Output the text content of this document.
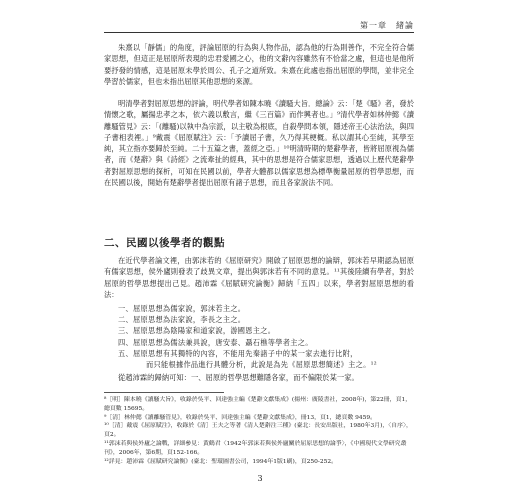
第一章　緒論

朱熹以「靜儒」的角度，評論屈原的行為與人物作品，認為他的行為則善作，不完全符合儒家思想，但這正是屈原所表現的忠君愛國之心，他的文辭內容雖然有不恰當之處，但這也是他所要抒發的情感，這是屈原未學於周公、孔子之道所致。朱熹在此處也指出屈原的學問，並非完全學習於儒家，但也未指出屈原其他思想的來源。

明清學者對屈原思想的評論，明代學者如陳本曉《讀騷大旨．總論》云：「楚《騷》者，發於情懷之歌，屬揚忠孝之本，依六義以敷言，繼《三百篇》而作興者也。」⁹清代學者如林仲懿《讀離騷管見》云：「(離騷)以執中為宗派，以主敬為根底，自殺學問本領，隱述帝王心法治法，與四子書相表裡。」⁹戴震《屈原賦注》云：「予讀屈子書，久乃得其梗概。私以謂其心至純，其學至純，其立指亦要歸於至純。二十五篇之書，蓋經之亞。」¹⁰明清時期的楚辭學者，皆將屈原視為儒者，而《楚辭》與《詩經》之流牽扯的經典，其中的思想是符合儒家思想，透過以上歷代楚辭學者對屈原思想的探析，可知在民國以前，學者大體都以儒家思想為標準衡量屈原的哲學思想，而在民國以後，開始有楚辭學者提出屈原有諸子思想，而且各家說法不同。

二、民國以後學者的觀點

在近代學者論文裡，由郭沫若的《屈原研究》開啟了屈原思想的論辯，郭沫若早期認為屈原有儒家思想，侯外廬則發表了歧異文章，提出與郭沫若有不同的意見。¹¹其後陸續有學者，對於屈原的哲學思想提出己見。趙沛霖《屈賦研究論衡》歸納「五四」以來，學者對屈原思想的看法：

一、屈原思想為儒家說，郭沫若主之。
二、屈原思想為法家說，李長之主之。
三、屈原思想為陰陽家和道家說，游國恩主之。
四、屈原思想為儒法兼具說，唐安泰、聶石樵等學者主之。
五、屈原思想有其獨特的內容，不能用先秦諸子中的某一家去進行比附，
而只能根據作品進行具體分析，此說是為先《屈原思想簡述》主之。¹²

從趙沛霖的歸納可知：一、屈原的哲學思想難隱各家，而不偏限於某一家。

⁸［明］陳本曉《讀騷大旨》，收錄於吳平、回達強主編《楚辭文獻集成》(揚州：廣陵書社，2008年)，第22冊，頁1，總頁數 15695。

⁹［清］林仲懿《讀離騷管見》，收錄於吳平、回達強主編《楚辭文獻集成》，冊13，頁1，總頁數 9459。

¹⁰［清］戴震《屈原賦注》，收錄於《清］王夫之等著《清人楚辭注三種》(臺北：長安出版社，1980年3月)，〈自序〉，頁2。

¹¹郭沫若與侯外廬之論戰，詳細參見：黃鶴君〈1942年郭沫若與侯外廬關於屈原思想的論爭〉，《中國現代文學研究叢刊》，2006年，第6期，頁152-166。

¹²詳見：趙沛霖《屈賦研究論衡》(臺北：聖環圖書公司，1994年1版1刷)，頁250-252。

3
